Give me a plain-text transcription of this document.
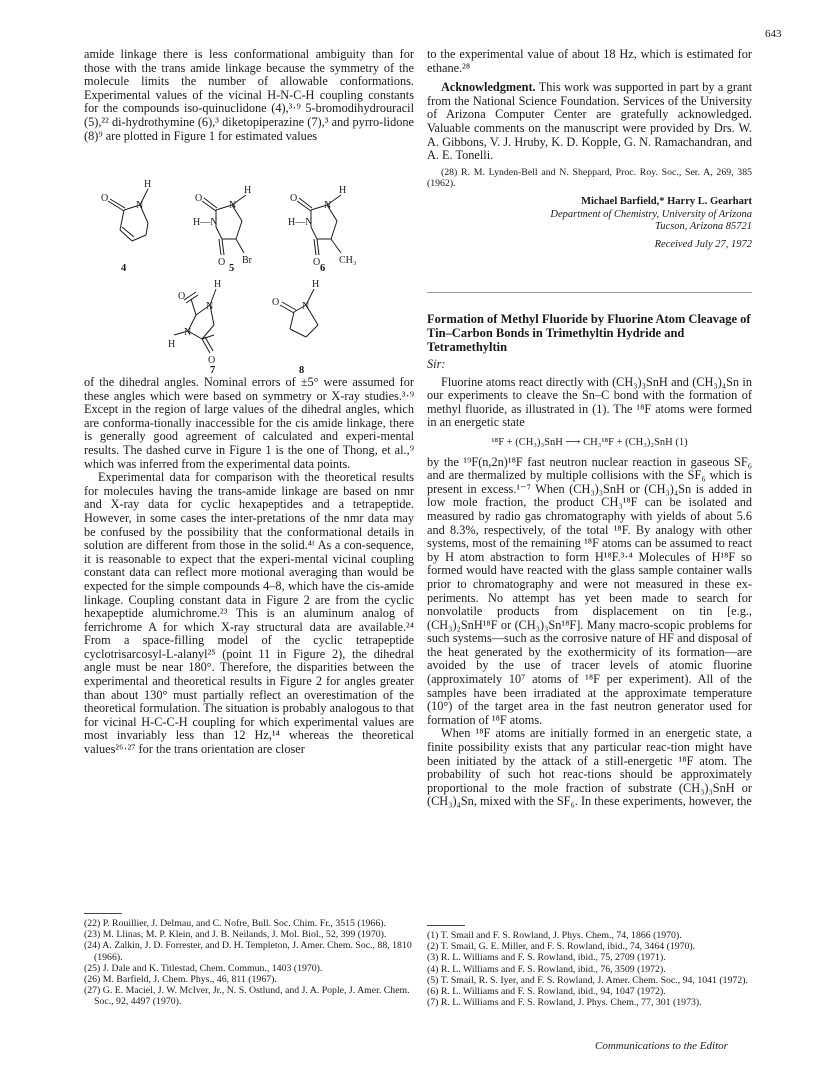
643

amide linkage there is less conformational ambiguity than for those with the trans amide linkage because the symmetry of the molecule limits the number of allowable conformations. Experimental values of the vicinal H-N-C-H coupling constants for the compounds iso-quinuclidone (4),³·⁹ 5-bromodihydrouracil (5),²² di-hydrothymine (6),³ diketopiperazine (7),³ and pyrro-lidone (8)⁹ are plotted in Figure 1 for estimated values

O
H
N
4
O
H
N
H—N
O Br
5
O
H
N
H—N
O CH₃
6
O
H
N
N
H
O
7
O
H
N
8

of the dihedral angles. Nominal errors of ±5° were assumed for these angles which were based on symmetry or X-ray studies.³·⁹ Except in the region of large values of the dihedral angles, which are conforma-tionally inaccessible for the cis amide linkage, there is generally good agreement of calculated and experi-mental results. The dashed curve in Figure 1 is the one of Thong, et al.,⁹ which was inferred from the experimental data points.

Experimental data for comparison with the theoretical results for molecules having the trans-amide linkage are based on nmr and X-ray data for cyclic hexapeptides and a tetrapeptide. However, in some cases the inter-pretations of the nmr data may be confused by the possibility that the conformational details in solution are different from those in the solid.⁴ᶠ As a con-sequence, it is reasonable to expect that the experi-mental vicinal coupling constant data can reflect more motional averaging than would be expected for the simple compounds 4–8, which have the cis-amide linkage. Coupling constant data in Figure 2 are from the cyclic hexapeptide alumichrome.²³ This is an aluminum analog of ferrichrome A for which X-ray structural data are available.²⁴ From a space-filling model of the cyclic tetrapeptide cyclotrisarcosyl-L-alanyl²⁵ (point 11 in Figure 2), the dihedral angle must be near 180°. Therefore, the disparities between the experimental and theoretical results in Figure 2 for angles greater than about 130° must partially reflect an overestimation of the theoretical formulation. The situation is probably analogous to that for vicinal H-C-C-H coupling for which experimental values are most invariably less than 12 Hz,¹⁴ whereas the theoretical values²⁶·²⁷ for the trans orientation are closer

(22) P. Rouillier, J. Delmau, and C. Nofre, Bull. Soc. Chim. Fr., 3515 (1966).

(23) M. Llinas, M. P. Klein, and J. B. Neilands, J. Mol. Biol., 52, 399 (1970).

(24) A. Zalkin, J. D. Forrester, and D. H. Templeton, J. Amer. Chem. Soc., 88, 1810 (1966).

(25) J. Dale and K. Titlestad, Chem. Commun., 1403 (1970).

(26) M. Barfield, J. Chem. Phys., 46, 811 (1967).

(27) G. E. Maciel, J. W. McIver, Jr., N. S. Ostlund, and J. A. Pople, J. Amer. Chem. Soc., 92, 4497 (1970).

to the experimental value of about 18 Hz, which is estimated for ethane.²⁸

Acknowledgment. This work was supported in part by a grant from the National Science Foundation. Services of the University of Arizona Computer Center are gratefully acknowledged. Valuable comments on the manuscript were provided by Drs. W. A. Gibbons, V. J. Hruby, K. D. Kopple, G. N. Ramachandran, and A. E. Tonelli.

(28) R. M. Lynden-Bell and N. Sheppard, Proc. Roy. Soc., Ser. A, 269, 385 (1962).

Michael Barfield,* Harry L. Gearhart

Department of Chemistry, University of Arizona

Tucson, Arizona 85721

Received July 27, 1972

Formation of Methyl Fluoride by Fluorine Atom Cleavage of Tin–Carbon Bonds in Trimethyltin Hydride and Tetramethyltin

Sir:

Fluorine atoms react directly with (CH₃)₃SnH and (CH₃)₄Sn in our experiments to cleave the Sn–C bond with the formation of methyl fluoride, as illustrated in (1). The ¹⁸F atoms were formed in an energetic state

¹⁸F + (CH₃)₃SnH ⟶ CH₃¹⁸F + (CH₃)₂SnH (1)

by the ¹⁹F(n,2n)¹⁸F fast neutron nuclear reaction in gaseous SF₆ and are thermalized by multiple collisions with the SF₆ which is present in excess.¹⁻⁷ When (CH₃)₃SnH or (CH₃)₄Sn is added in low mole fraction, the product CH₃¹⁸F can be isolated and measured by radio gas chromatography with yields of about 5.6 and 8.3%, respectively, of the total ¹⁸F. By analogy with other systems, most of the remaining ¹⁸F atoms can be assumed to react by H atom abstraction to form H¹⁸F.³·⁴ Molecules of H¹⁸F so formed would have reacted with the glass sample container walls prior to chromatography and were not measured in these ex-periments. No attempt has yet been made to search for nonvolatile products from displacement on tin [e.g., (CH₃)₂SnH¹⁸F or (CH₃)₃Sn¹⁸F]. Many macro-scopic problems for such systems—such as the corrosive nature of HF and disposal of the heat generated by the exothermicity of its formation—are avoided by the use of tracer levels of atomic fluorine (approximately 10⁷ atoms of ¹⁸F per experiment). All of the samples have been irradiated at the approximate temperature (10°) of the target area in the fast neutron generator used for formation of ¹⁸F atoms.

When ¹⁸F atoms are initially formed in an energetic state, a finite possibility exists that any particular reac-tion might have been initiated by the attack of a still-energetic ¹⁸F atom. The probability of such hot reac-tions should be approximately proportional to the mole fraction of substrate (CH₃)₃SnH or (CH₃)₄Sn, mixed with the SF₆. In these experiments, however, the

(1) T. Smail and F. S. Rowland, J. Phys. Chem., 74, 1866 (1970).

(2) T. Smail, G. E. Miller, and F. S. Rowland, ibid., 74, 3464 (1970).

(3) R. L. Williams and F. S. Rowland, ibid., 75, 2709 (1971).

(4) R. L. Williams and F. S. Rowland, ibid., 76, 3509 (1972).

(5) T. Smail, R. S. Iyer, and F. S. Rowland, J. Amer. Chem. Soc., 94, 1041 (1972).

(6) R. L. Williams and F. S. Rowland, ibid., 94, 1047 (1972).

(7) R. L. Williams and F. S. Rowland, J. Phys. Chem., 77, 301 (1973).

Communications to the Editor
